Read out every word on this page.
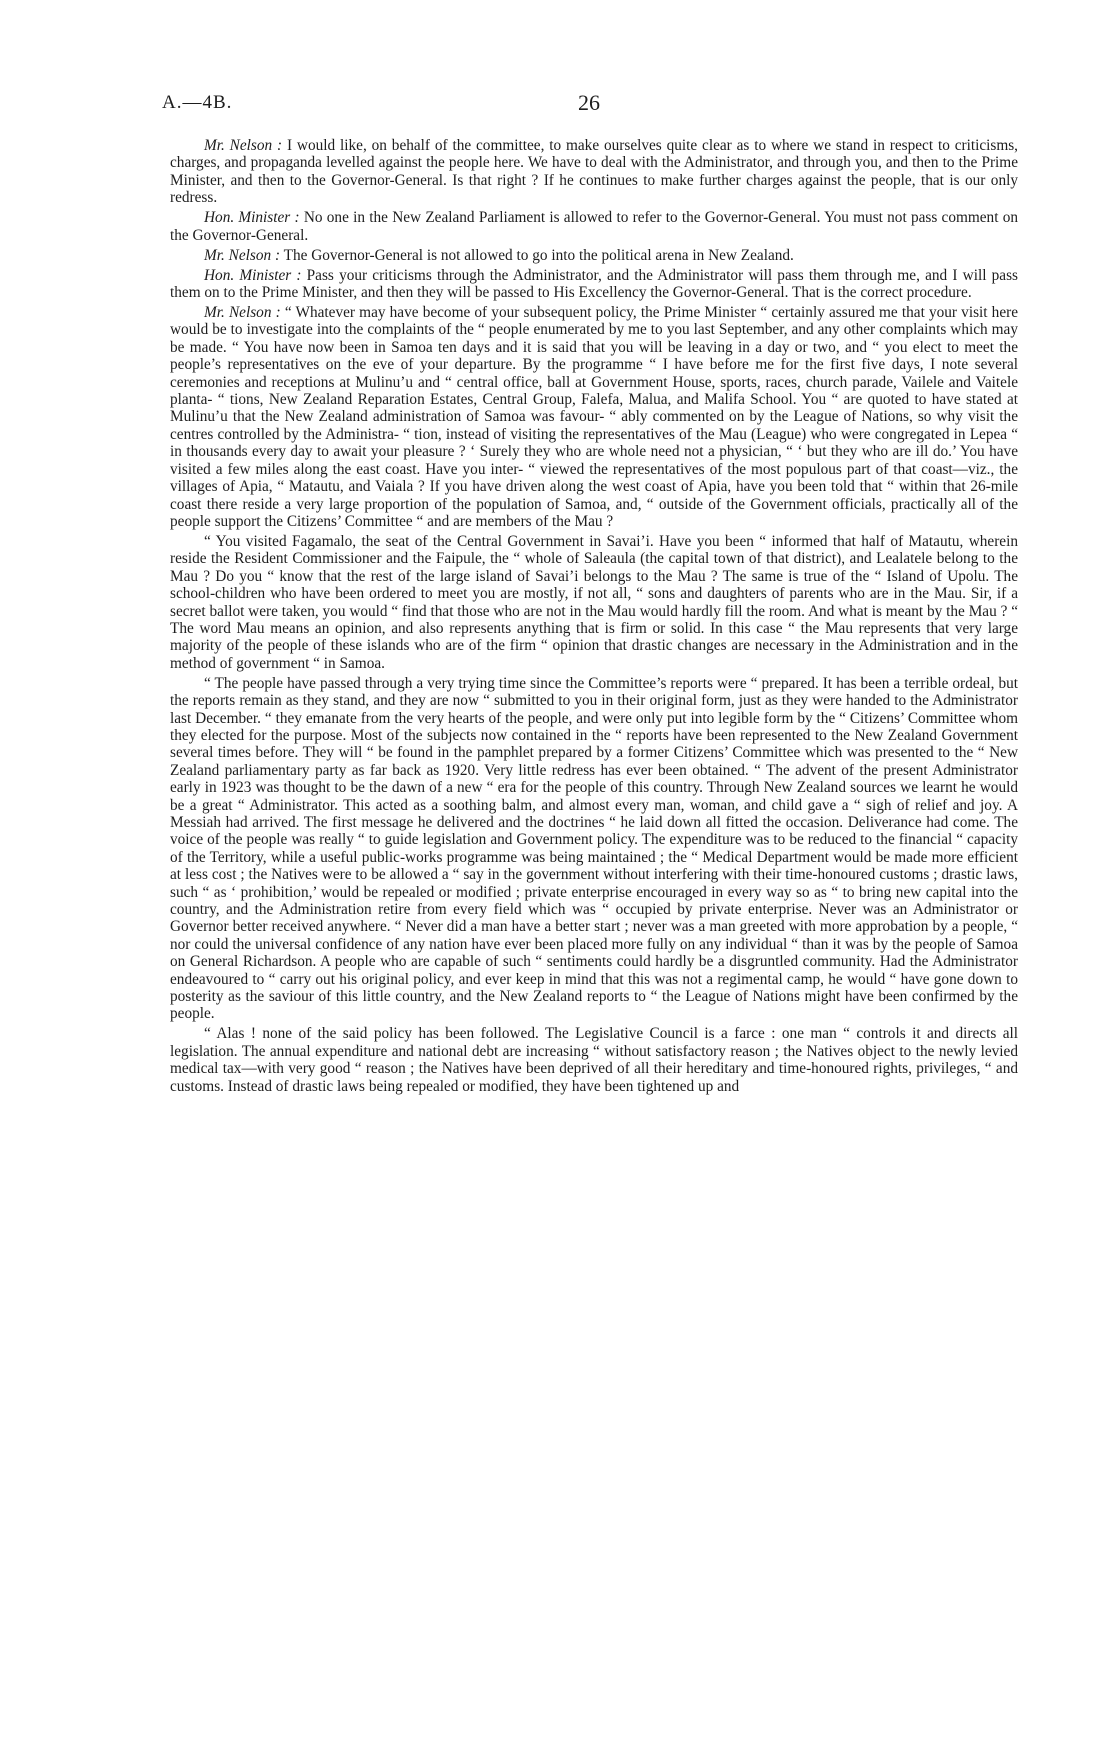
A.—4B.	26

Mr. Nelson : I would like, on behalf of the committee, to make ourselves quite clear as to where we stand in respect to criticisms, charges, and propaganda levelled against the people here. We have to deal with the Administrator, and through you, and then to the Prime Minister, and then to the Governor-General. Is that right ? If he continues to make further charges against the people, that is our only redress.

Hon. Minister : No one in the New Zealand Parliament is allowed to refer to the Governor-General. You must not pass comment on the Governor-General.

Mr. Nelson : The Governor-General is not allowed to go into the political arena in New Zealand.

Hon. Minister : Pass your criticisms through the Administrator, and the Administrator will pass them through me, and I will pass them on to the Prime Minister, and then they will be passed to His Excellency the Governor-General. That is the correct procedure.

Mr. Nelson : “ Whatever may have become of your subsequent policy, the Prime Minister “ certainly assured me that your visit here would be to investigate into the complaints of the “ people enumerated by me to you last September, and any other complaints which may be made. “ You have now been in Samoa ten days and it is said that you will be leaving in a day or two, and “ you elect to meet the people’s representatives on the eve of your departure. By the programme “ I have before me for the first five days, I note several ceremonies and receptions at Mulinu’u and “ central office, ball at Government House, sports, races, church parade, Vailele and Vaitele planta- “ tions, New Zealand Reparation Estates, Central Group, Falefa, Malua, and Malifa School. You “ are quoted to have stated at Mulinu’u that the New Zealand administration of Samoa was favour- “ ably commented on by the League of Nations, so why visit the centres controlled by the Administra- “ tion, instead of visiting the representatives of the Mau (League) who were congregated in Lepea “ in thousands every day to await your pleasure ? ‘ Surely they who are whole need not a physician, “ ‘ but they who are ill do.’ You have visited a few miles along the east coast. Have you inter- “ viewed the representatives of the most populous part of that coast—viz., the villages of Apia, “ Matautu, and Vaiala ? If you have driven along the west coast of Apia, have you been told that “ within that 26-mile coast there reside a very large proportion of the population of Samoa, and, “ outside of the Government officials, practically all of the people support the Citizens’ Committee “ and are members of the Mau ?

“ You visited Fagamalo, the seat of the Central Government in Savai’i. Have you been “ informed that half of Matautu, wherein reside the Resident Commissioner and the Faipule, the “ whole of Saleaula (the capital town of that district), and Lealatele belong to the Mau ? Do you “ know that the rest of the large island of Savai’i belongs to the Mau ? The same is true of the “ Island of Upolu. The school-children who have been ordered to meet you are mostly, if not all, “ sons and daughters of parents who are in the Mau. Sir, if a secret ballot were taken, you would “ find that those who are not in the Mau would hardly fill the room. And what is meant by the Mau ? “ The word Mau means an opinion, and also represents anything that is firm or solid. In this case “ the Mau represents that very large majority of the people of these islands who are of the firm “ opinion that drastic changes are necessary in the Administration and in the method of government “ in Samoa.

“ The people have passed through a very trying time since the Committee’s reports were “ prepared. It has been a terrible ordeal, but the reports remain as they stand, and they are now “ submitted to you in their original form, just as they were handed to the Administrator last December. “ they emanate from the very hearts of the people, and were only put into legible form by the “ Citizens’ Committee whom they elected for the purpose. Most of the subjects now contained in the “ reports have been represented to the New Zealand Government several times before. They will “ be found in the pamphlet prepared by a former Citizens’ Committee which was presented to the “ New Zealand parliamentary party as far back as 1920. Very little redress has ever been obtained. “ The advent of the present Administrator early in 1923 was thought to be the dawn of a new “ era for the people of this country. Through New Zealand sources we learnt he would be a great “ Administrator. This acted as a soothing balm, and almost every man, woman, and child gave a “ sigh of relief and joy. A Messiah had arrived. The first message he delivered and the doctrines “ he laid down all fitted the occasion. Deliverance had come. The voice of the people was really “ to guide legislation and Government policy. The expenditure was to be reduced to the financial “ capacity of the Territory, while a useful public-works programme was being maintained ; the “ Medical Department would be made more efficient at less cost ; the Natives were to be allowed a “ say in the government without interfering with their time-honoured customs ; drastic laws, such “ as ‘ prohibition,’ would be repealed or modified ; private enterprise encouraged in every way so as “ to bring new capital into the country, and the Administration retire from every field which was “ occupied by private enterprise. Never was an Administrator or Governor better received anywhere. “ Never did a man have a better start ; never was a man greeted with more approbation by a people, “ nor could the universal confidence of any nation have ever been placed more fully on any individual “ than it was by the people of Samoa on General Richardson. A people who are capable of such “ sentiments could hardly be a disgruntled community. Had the Administrator endeavoured to “ carry out his original policy, and ever keep in mind that this was not a regimental camp, he would “ have gone down to posterity as the saviour of this little country, and the New Zealand reports to “ the League of Nations might have been confirmed by the people.

“ Alas ! none of the said policy has been followed. The Legislative Council is a farce : one man “ controls it and directs all legislation. The annual expenditure and national debt are increasing “ without satisfactory reason ; the Natives object to the newly levied medical tax—with very good “ reason ; the Natives have been deprived of all their hereditary and time-honoured rights, privileges, “ and customs. Instead of drastic laws being repealed or modified, they have been tightened up and
